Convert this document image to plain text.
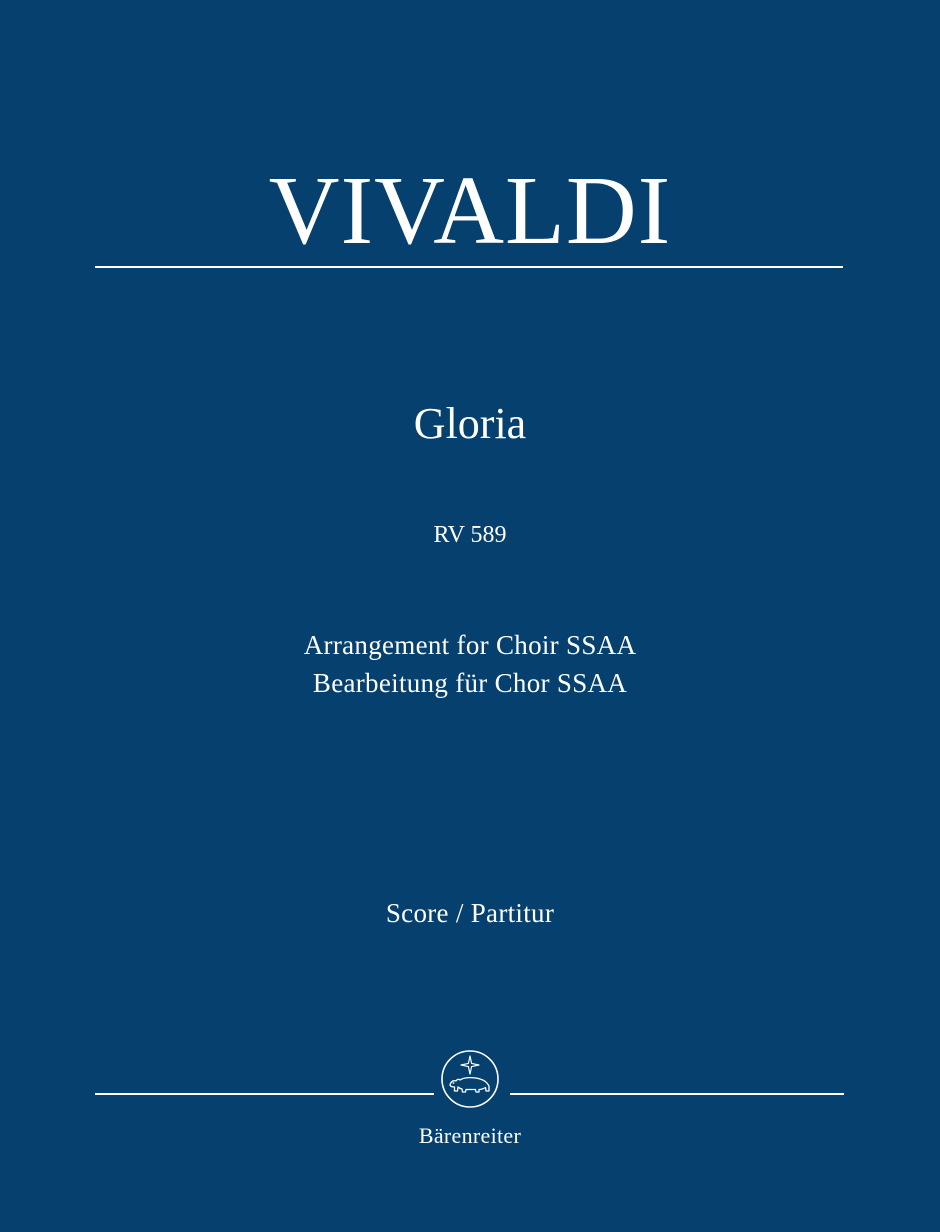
VIVALDI
Gloria
RV 589
Arrangement for Choir SSAA
Bearbeitung für Chor SSAA
Score / Partitur
Bärenreiter
